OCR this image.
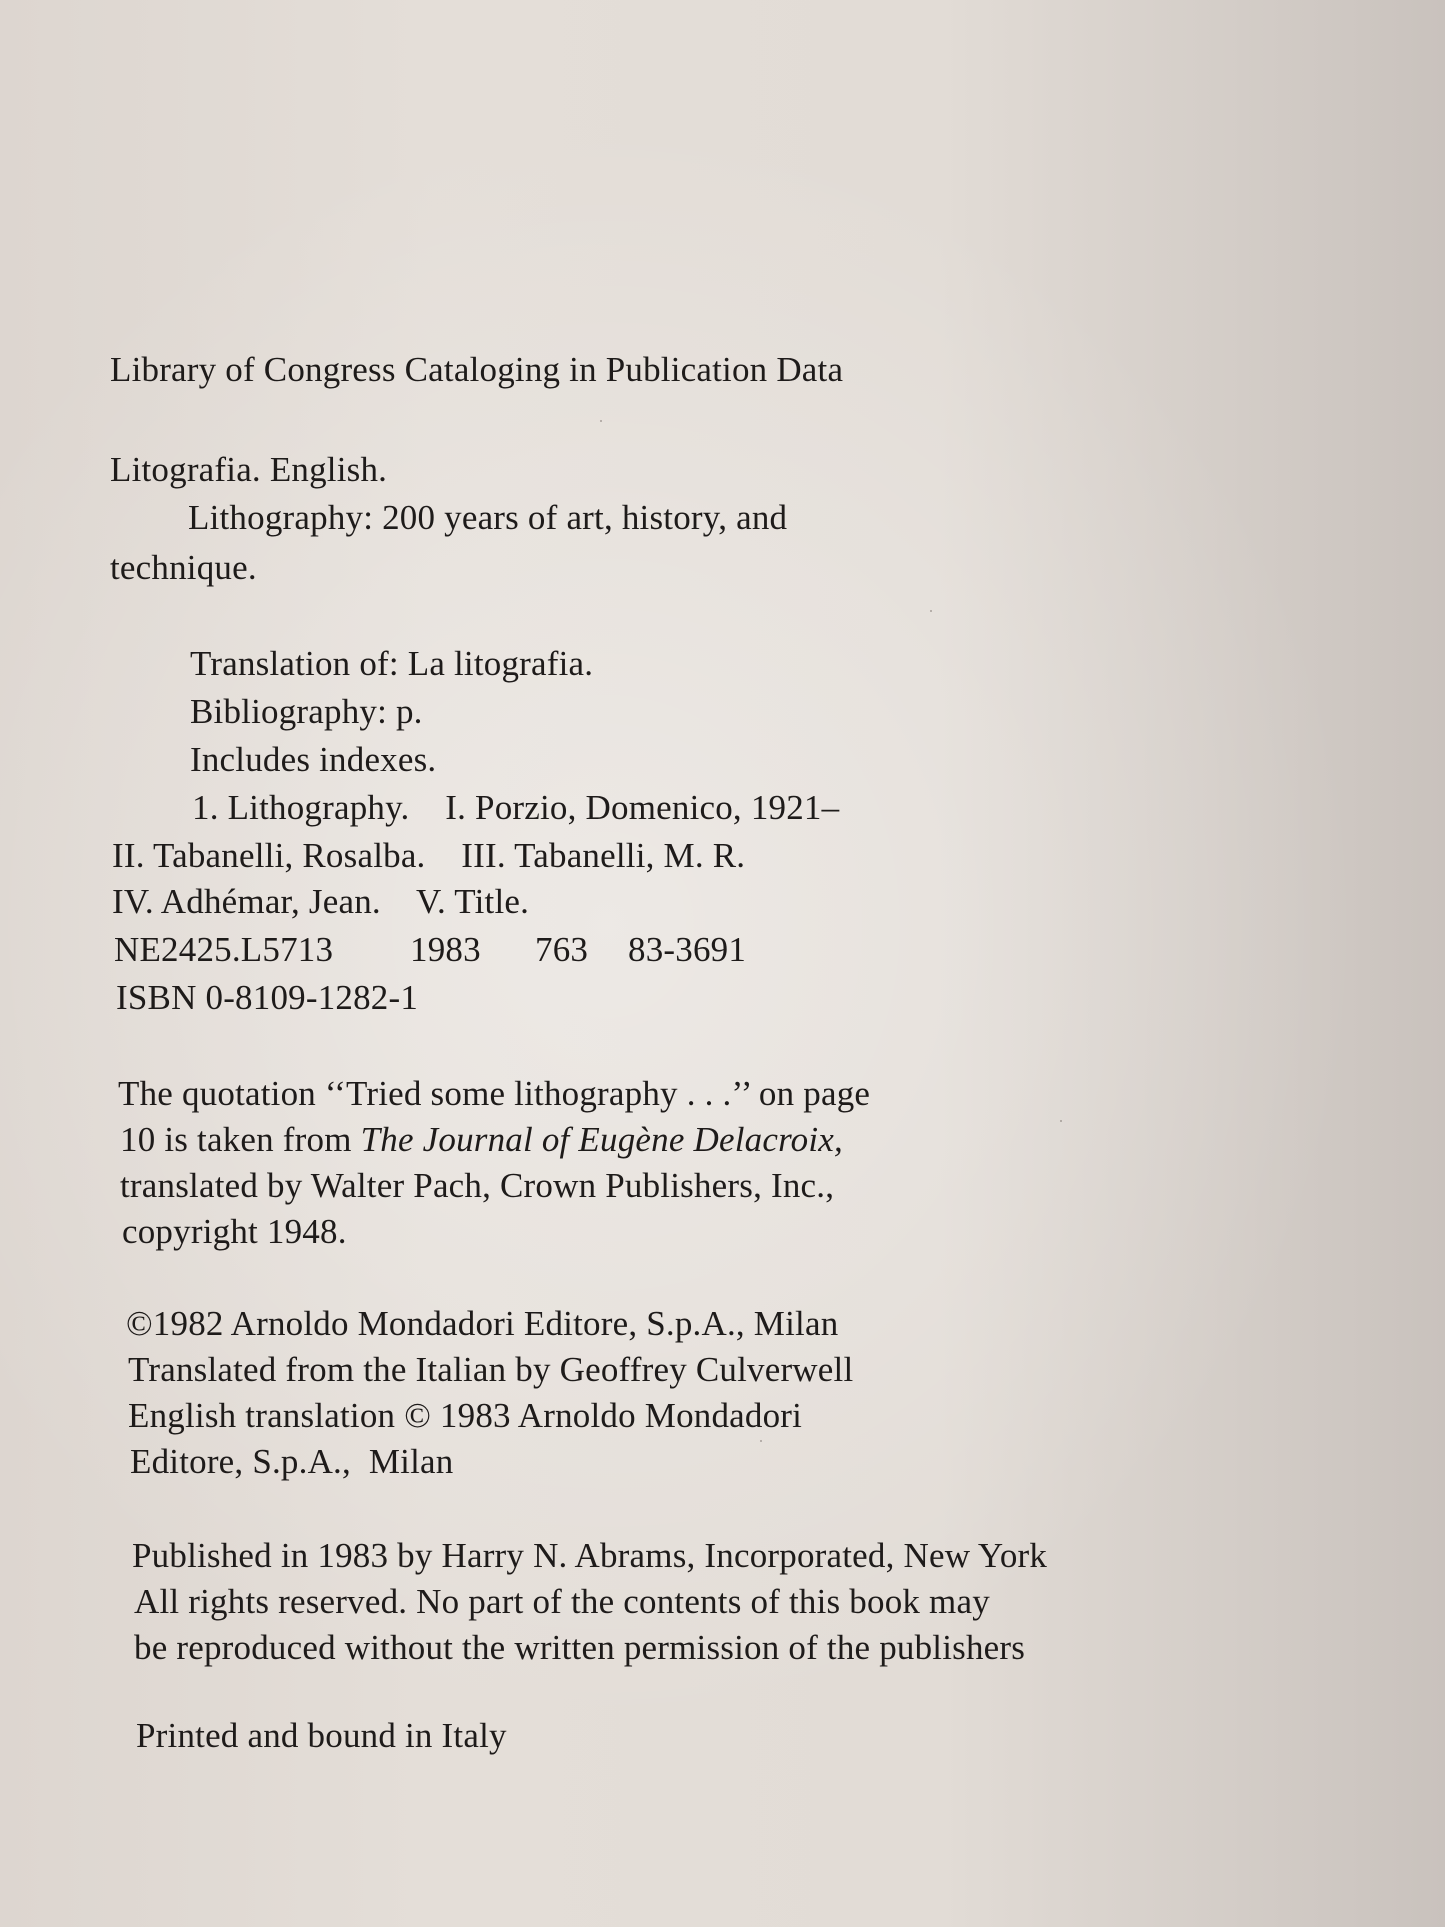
Library of Congress Cataloging in Publication Data
Litografia. English.
Lithography: 200 years of art, history, and
technique.
Translation of: La litografia.
Bibliography: p.
Includes indexes.
1. Lithography.    I. Porzio, Domenico, 1921–
II. Tabanelli, Rosalba.    III. Tabanelli, M. R.
IV. Adhémar, Jean.    V. Title.
NE2425.L5713 1983 763 83-3691
ISBN 0-8109-1282-1
The quotation ‘‘Tried some lithography . . .’’ on page
10 is taken from The Journal of Eugène Delacroix,
translated by Walter Pach, Crown Publishers, Inc.,
copyright 1948.
©1982 Arnoldo Mondadori Editore, S.p.A., Milan
Translated from the Italian by Geoffrey Culverwell
English translation © 1983 Arnoldo Mondadori
Editore, S.p.A.,  Milan
Published in 1983 by Harry N. Abrams, Incorporated, New York
All rights reserved. No part of the contents of this book may
be reproduced without the written permission of the publishers
Printed and bound in Italy
